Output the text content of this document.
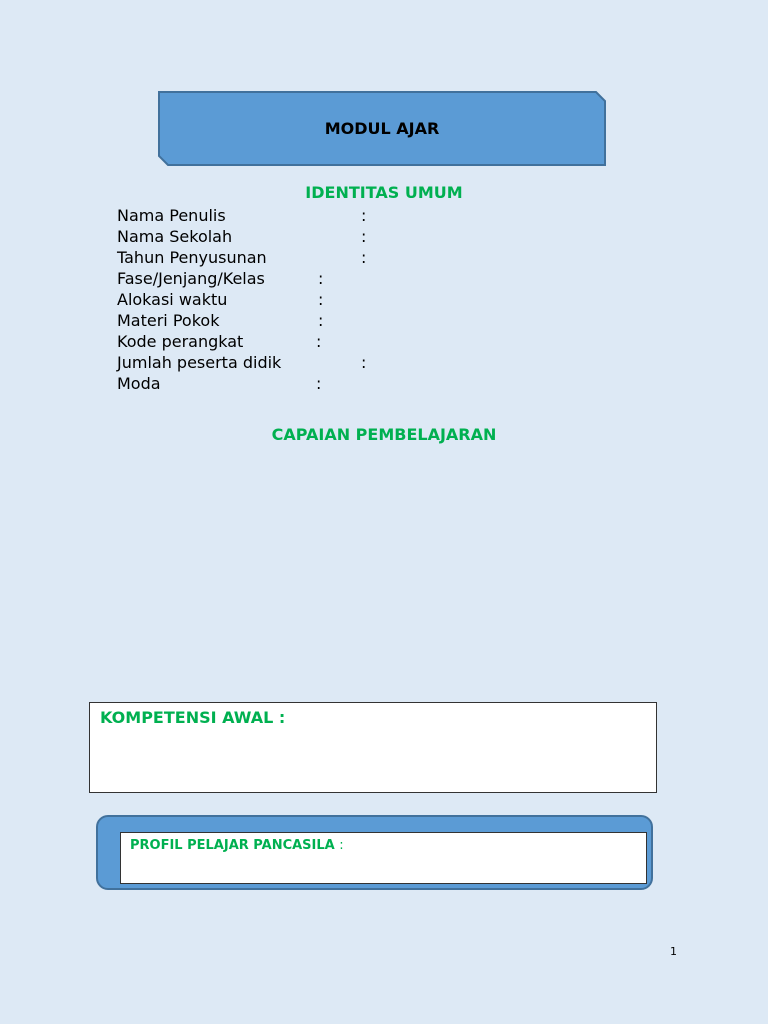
MODUL AJAR
IDENTITAS UMUM
Nama Penulis	:
Nama Sekolah	:
Tahun Penyusunan	:
Fase/Jenjang/Kelas	:
Alokasi waktu	:
Materi Pokok	:
Kode perangkat	:
Jumlah peserta didik	:
Moda	:
CAPAIAN PEMBELAJARAN
KOMPETENSI AWAL :
PROFIL PELAJAR PANCASILA :
1
